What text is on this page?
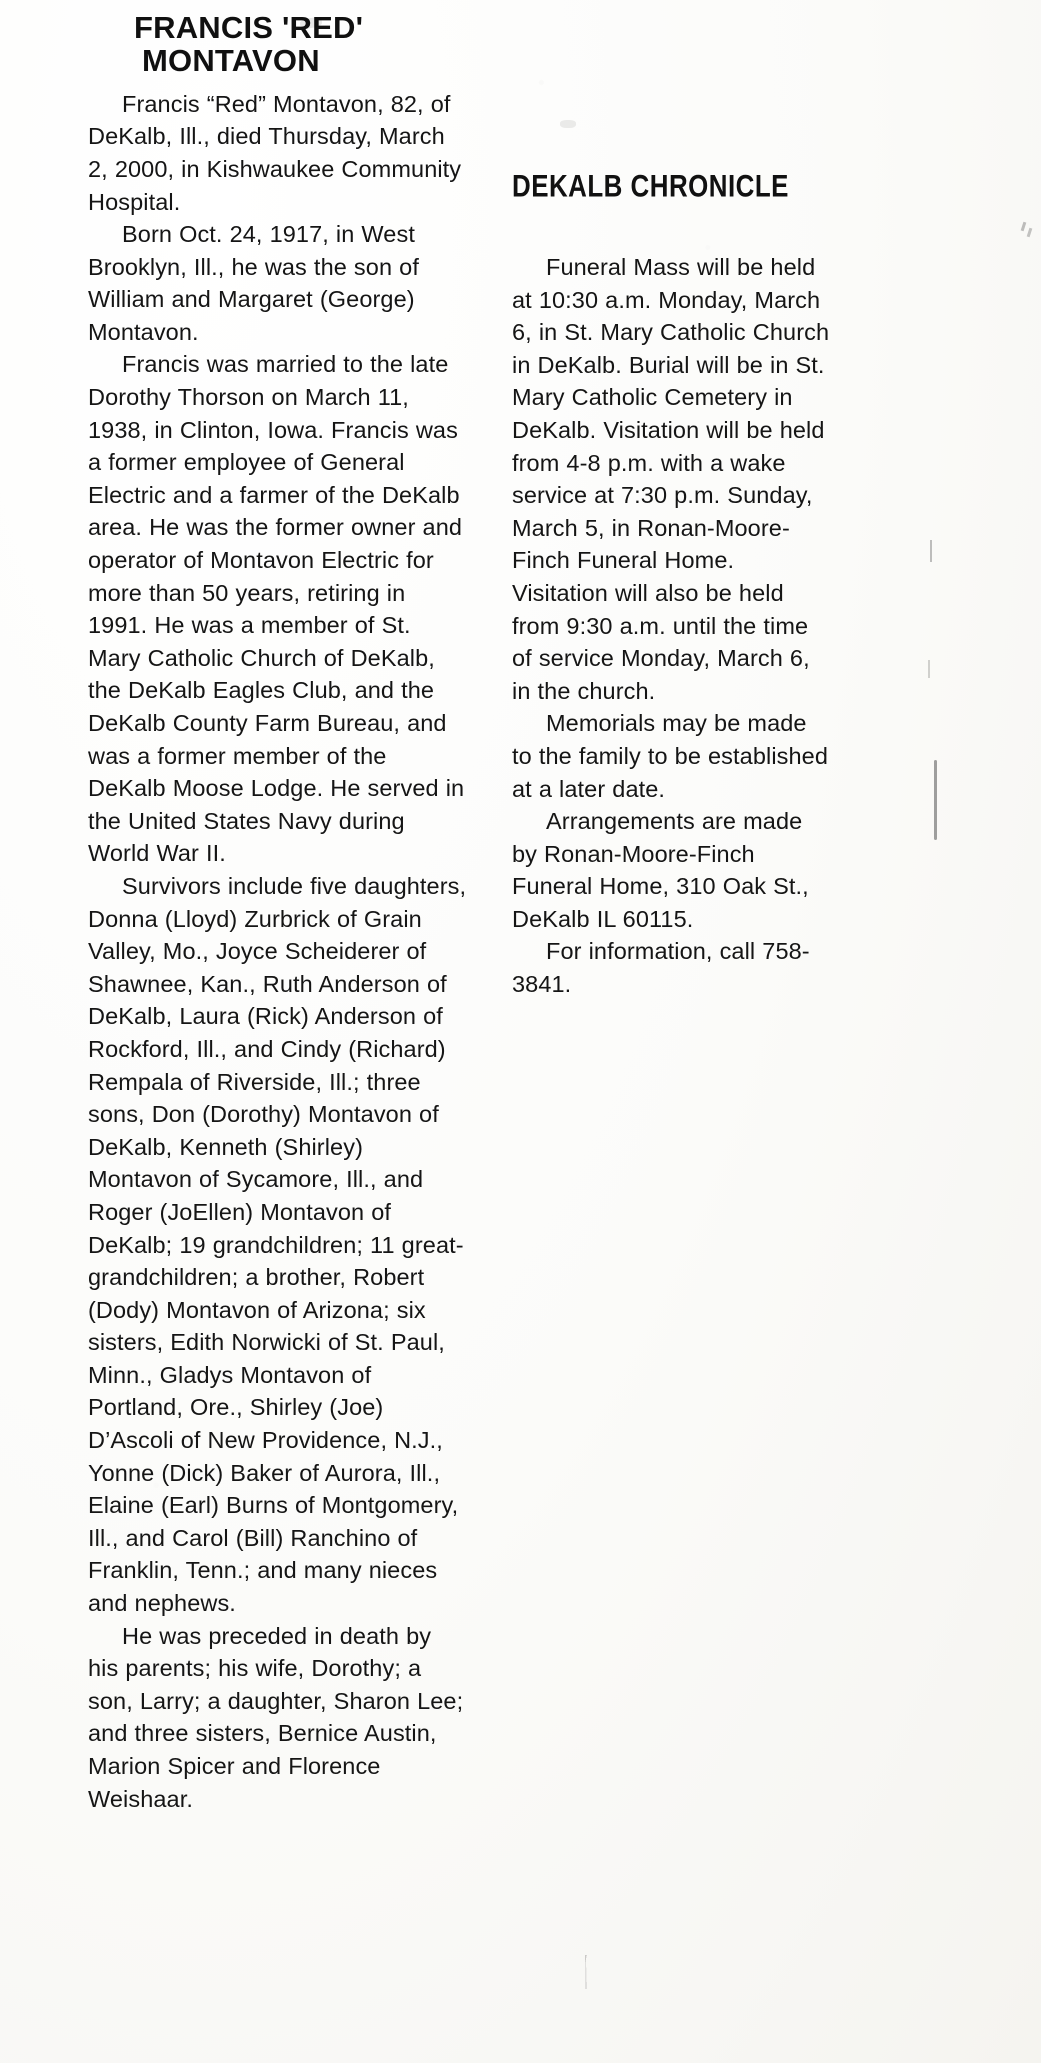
FRANCIS 'RED'
MONTAVON

Francis “Red” Montavon, 82, of DeKalb, Ill., died Thursday, March 2, 2000, in Kishwaukee Community Hospital.

Born Oct. 24, 1917, in West Brooklyn, Ill., he was the son of William and Margaret (George) Montavon.

Francis was married to the late Dorothy Thorson on March 11, 1938, in Clinton, Iowa. Francis was a former employee of General Electric and a farmer of the DeKalb area. He was the former owner and operator of Montavon Electric for more than 50 years, retiring in 1991. He was a member of St. Mary Catholic Church of DeKalb, the DeKalb Eagles Club, and the DeKalb County Farm Bureau, and was a former member of the DeKalb Moose Lodge. He served in the United States Navy during World War II.

Survivors include five daughters, Donna (Lloyd) Zurbrick of Grain Valley, Mo., Joyce Scheiderer of Shawnee, Kan., Ruth Anderson of DeKalb, Laura (Rick) Anderson of Rockford, Ill., and Cindy (Richard) Rempala of Riverside, Ill.; three sons, Don (Dorothy) Montavon of DeKalb, Kenneth (Shirley) Montavon of Sycamore, Ill., and Roger (JoEllen) Montavon of DeKalb; 19 grandchildren; 11 great-grandchildren; a brother, Robert (Dody) Montavon of Arizona; six sisters, Edith Norwicki of St. Paul, Minn., Gladys Montavon of Portland, Ore., Shirley (Joe) D’Ascoli of New Providence, N.J., Yonne (Dick) Baker of Aurora, Ill., Elaine (Earl) Burns of Montgomery, Ill., and Carol (Bill) Ranchino of Franklin, Tenn.; and many nieces and nephews.

He was preceded in death by his parents; his wife, Dorothy; a son, Larry; a daughter, Sharon Lee; and three sisters, Bernice Austin, Marion Spicer and Florence Weishaar.

DEKALB CHRONICLE

Funeral Mass will be held at 10:30 a.m. Monday, March 6, in St. Mary Catholic Church in DeKalb. Burial will be in St. Mary Catholic Cemetery in DeKalb. Visitation will be held from 4-8 p.m. with a wake service at 7:30 p.m. Sunday, March 5, in Ronan-Moore-Finch Funeral Home. Visitation will also be held from 9:30 a.m. until the time of service Monday, March 6, in the church.

Memorials may be made to the family to be established at a later date.

Arrangements are made by Ronan-Moore-Finch Funeral Home, 310 Oak St., DeKalb IL 60115.

For information, call 758-3841.
